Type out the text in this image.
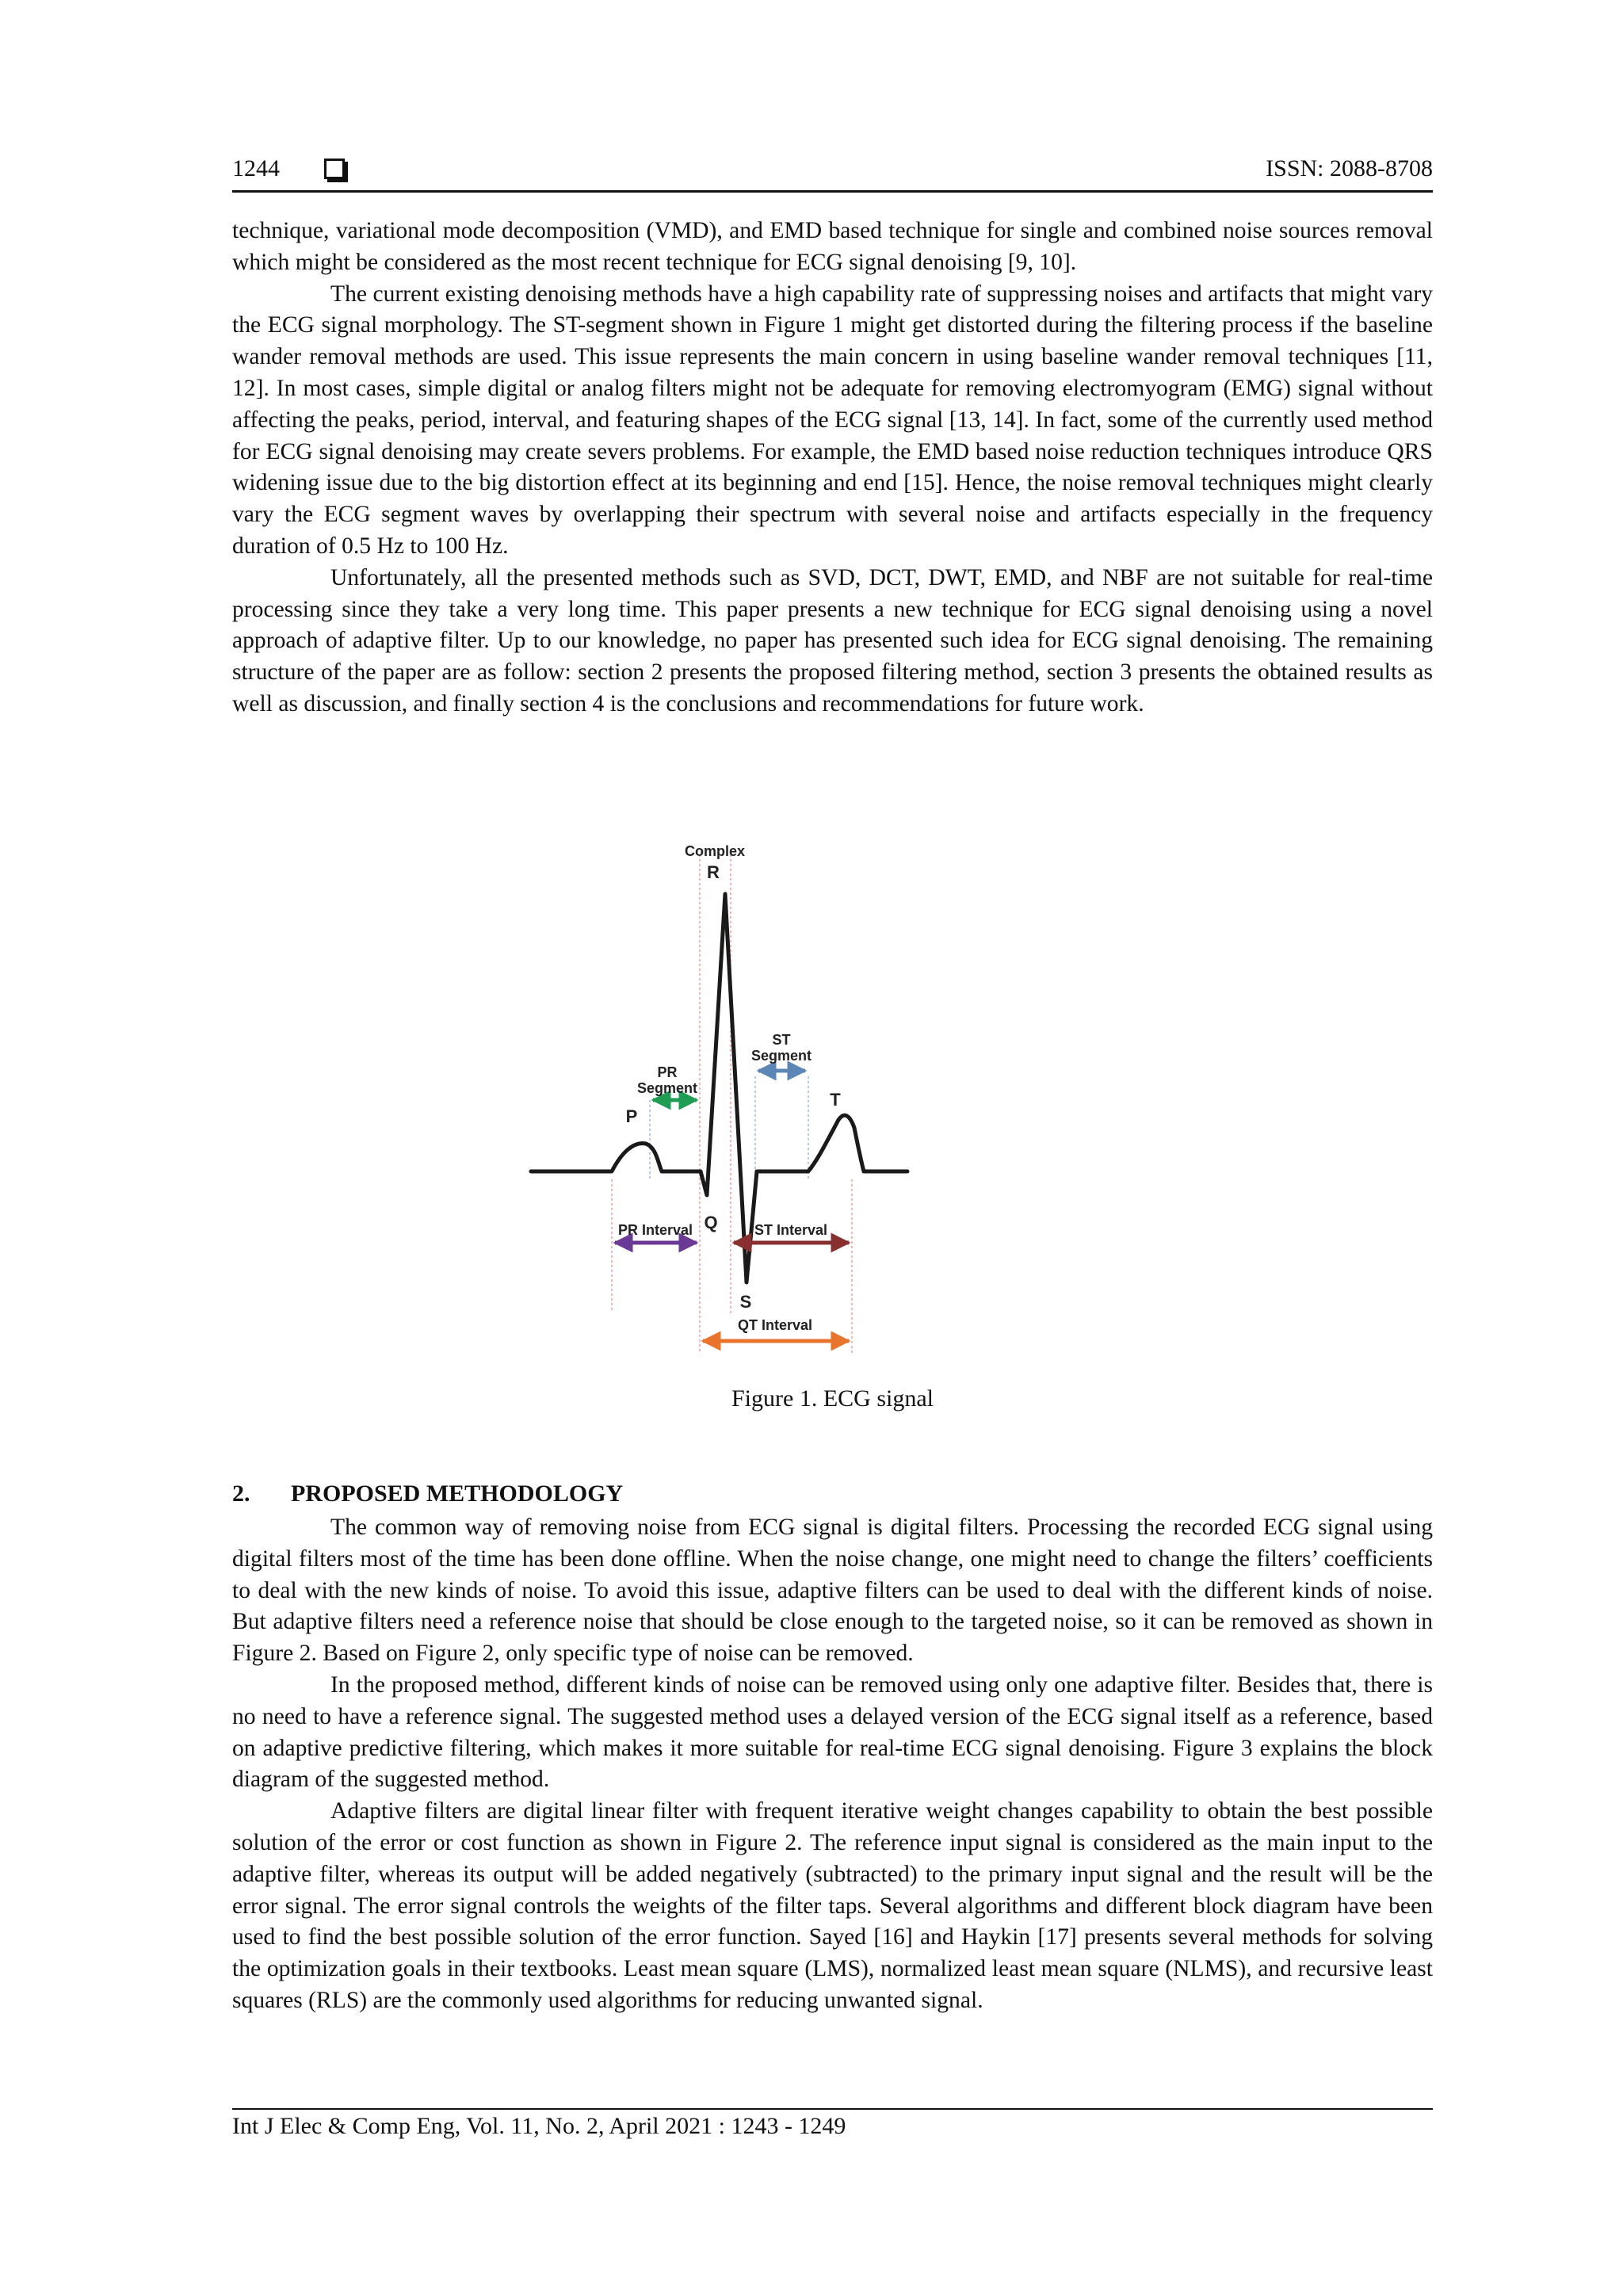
1244	ISSN: 2088-8708

technique, variational mode decomposition (VMD), and EMD based technique for single and combined noise sources removal which might be considered as the most recent technique for ECG signal denoising [9, 10].

The current existing denoising methods have a high capability rate of suppressing noises and artifacts that might vary the ECG signal morphology. The ST-segment shown in Figure 1 might get distorted during the filtering process if the baseline wander removal methods are used. This issue represents the main concern in using baseline wander removal techniques [11, 12]. In most cases, simple digital or analog filters might not be adequate for removing electromyogram (EMG) signal without affecting the peaks, period, interval, and featuring shapes of the ECG signal [13, 14]. In fact, some of the currently used method for ECG signal denoising may create severs problems. For example, the EMD based noise reduction techniques introduce QRS widening issue due to the big distortion effect at its beginning and end [15]. Hence, the noise removal techniques might clearly vary the ECG segment waves by overlapping their spectrum with several noise and artifacts especially in the frequency duration of 0.5 Hz to 100 Hz.

Unfortunately, all the presented methods such as SVD, DCT, DWT, EMD, and NBF are not suitable for real-time processing since they take a very long time. This paper presents a new technique for ECG signal denoising using a novel approach of adaptive filter. Up to our knowledge, no paper has presented such idea for ECG signal denoising. The remaining structure of the paper are as follow: section 2 presents the proposed filtering method, section 3 presents the obtained results as well as discussion, and finally section 4 is the conclusions and recommendations for future work.

Complex
R
ST
Segment
PR
Segment
P
T
Q
S
PR Interval	ST Interval
QT Interval
Figure 1. ECG signal
2. PROPOSED METHODOLOGY

The common way of removing noise from ECG signal is digital filters. Processing the recorded ECG signal using digital filters most of the time has been done offline. When the noise change, one might need to change the filters’ coefficients to deal with the new kinds of noise. To avoid this issue, adaptive filters can be used to deal with the different kinds of noise. But adaptive filters need a reference noise that should be close enough to the targeted noise, so it can be removed as shown in Figure 2. Based on Figure 2, only specific type of noise can be removed.

In the proposed method, different kinds of noise can be removed using only one adaptive filter. Besides that, there is no need to have a reference signal. The suggested method uses a delayed version of the ECG signal itself as a reference, based on adaptive predictive filtering, which makes it more suitable for real-time ECG signal denoising. Figure 3 explains the block diagram of the suggested method.

Adaptive filters are digital linear filter with frequent iterative weight changes capability to obtain the best possible solution of the error or cost function as shown in Figure 2. The reference input signal is considered as the main input to the adaptive filter, whereas its output will be added negatively (subtracted) to the primary input signal and the result will be the error signal. The error signal controls the weights of the filter taps. Several algorithms and different block diagram have been used to find the best possible solution of the error function. Sayed [16] and Haykin [17] presents several methods for solving the optimization goals in their textbooks. Least mean square (LMS), normalized least mean square (NLMS), and recursive least squares (RLS) are the commonly used algorithms for reducing unwanted signal.

Int J Elec & Comp Eng, Vol. 11, No. 2, April 2021 : 1243 - 1249
